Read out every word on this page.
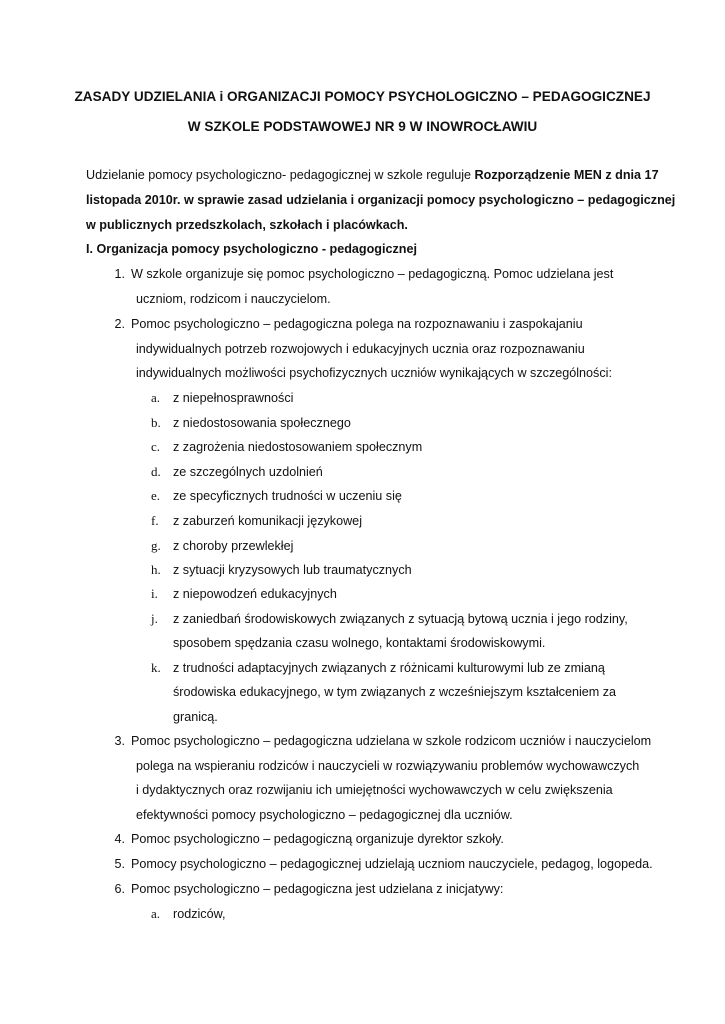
ZASADY UDZIELANIA i ORGANIZACJI POMOCY PSYCHOLOGICZNO – PEDAGOGICZNEJ
W SZKOLE PODSTAWOWEJ NR 9 W INOWROCŁAWIU
Udzielanie pomocy psychologiczno- pedagogicznej w szkole reguluje Rozporządzenie MEN z dnia 17
listopada 2010r. w sprawie zasad udzielania i organizacji pomocy psychologiczno – pedagogicznej
w publicznych przedszkolach, szkołach i placówkach.
I. Organizacja pomocy psychologiczno - pedagogicznej
1. W szkole organizuje się pomoc psychologiczno – pedagogiczną. Pomoc udzielana jest
uczniom, rodzicom i nauczycielom.
2. Pomoc psychologiczno – pedagogiczna polega na rozpoznawaniu i zaspokajaniu
indywidualnych potrzeb rozwojowych i edukacyjnych ucznia oraz rozpoznawaniu
indywidualnych możliwości psychofizycznych uczniów wynikających w szczególności:
a. z niepełnosprawności
b. z niedostosowania społecznego
c. z zagrożenia niedostosowaniem społecznym
d. ze szczególnych uzdolnień
e. ze specyficznych trudności w uczeniu się
f. z zaburzeń komunikacji językowej
g. z choroby przewlekłej
h. z sytuacji kryzysowych lub traumatycznych
i. z niepowodzeń edukacyjnych
j. z zaniedbań środowiskowych związanych z sytuacją bytową ucznia i jego rodziny,
sposobem spędzania czasu wolnego, kontaktami środowiskowymi.
k. z trudności adaptacyjnych związanych z różnicami kulturowymi lub ze zmianą
środowiska edukacyjnego, w tym związanych z wcześniejszym kształceniem za
granicą.
3. Pomoc psychologiczno – pedagogiczna udzielana w szkole rodzicom uczniów i nauczycielom
polega na wspieraniu rodziców i nauczycieli w rozwiązywaniu problemów wychowawczych
i dydaktycznych oraz rozwijaniu ich umiejętności wychowawczych w celu zwiększenia
efektywności pomocy psychologiczno – pedagogicznej dla uczniów.
4. Pomoc psychologiczno – pedagogiczną organizuje dyrektor szkoły.
5. Pomocy psychologiczno – pedagogicznej udzielają uczniom nauczyciele, pedagog, logopeda.
6. Pomoc psychologiczno – pedagogiczna jest udzielana z inicjatywy:
a. rodziców,
